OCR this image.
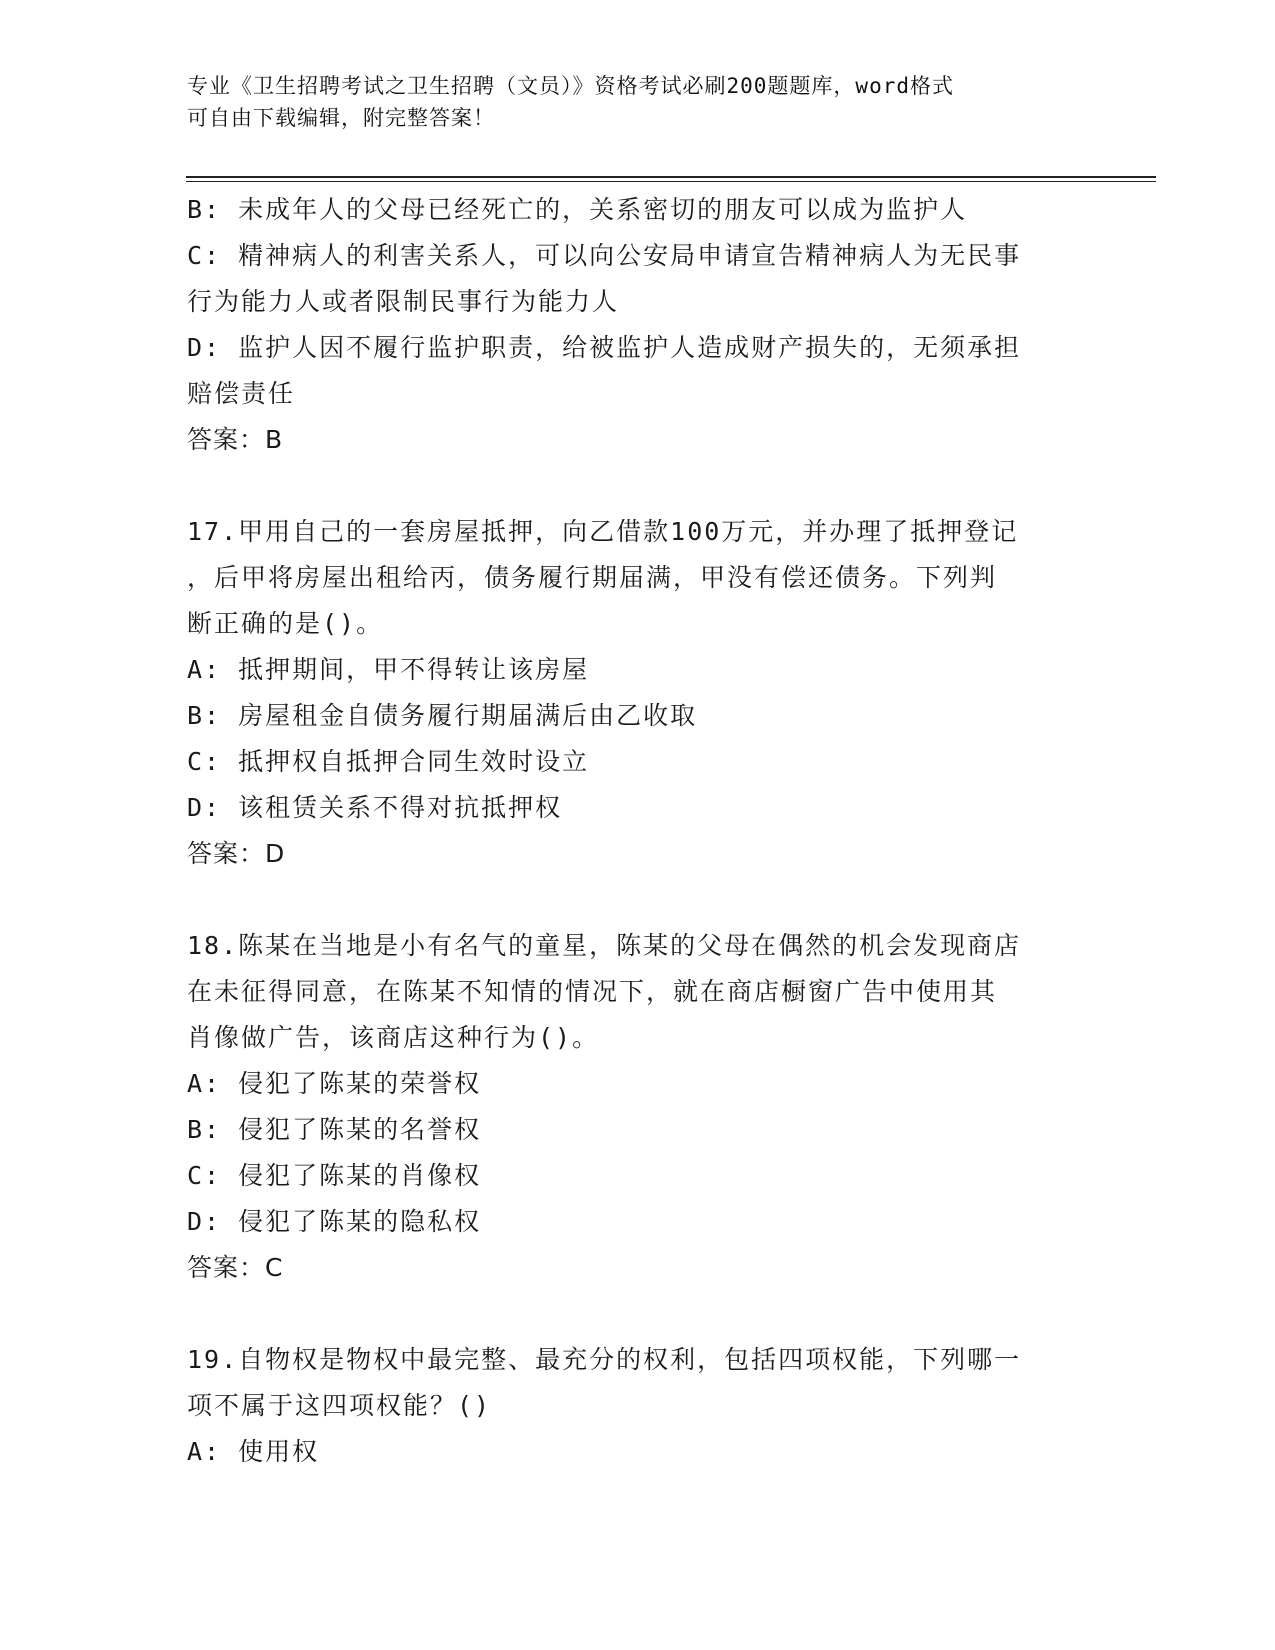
专业《卫生招聘考试之卫生招聘（文员）》资格考试必刷200题题库，word格式
可自由下载编辑，附完整答案！
B: 未成年人的父母已经死亡的，关系密切的朋友可以成为监护人
C: 精神病人的利害关系人，可以向公安局申请宣告精神病人为无民事
行为能力人或者限制民事行为能力人
D: 监护人因不履行监护职责，给被监护人造成财产损失的，无须承担
赔偿责任
答案：B
17.甲用自己的一套房屋抵押，向乙借款100万元，并办理了抵押登记
，后甲将房屋出租给丙，债务履行期届满，甲没有偿还债务。下列判
断正确的是()。
A: 抵押期间，甲不得转让该房屋
B: 房屋租金自债务履行期届满后由乙收取
C: 抵押权自抵押合同生效时设立
D: 该租赁关系不得对抗抵押权
答案：D
18.陈某在当地是小有名气的童星，陈某的父母在偶然的机会发现商店
在未征得同意，在陈某不知情的情况下，就在商店橱窗广告中使用其
肖像做广告，该商店这种行为()。
A: 侵犯了陈某的荣誉权
B: 侵犯了陈某的名誉权
C: 侵犯了陈某的肖像权
D: 侵犯了陈某的隐私权
答案：C
19.自物权是物权中最完整、最充分的权利，包括四项权能，下列哪一
项不属于这四项权能？()
A: 使用权
